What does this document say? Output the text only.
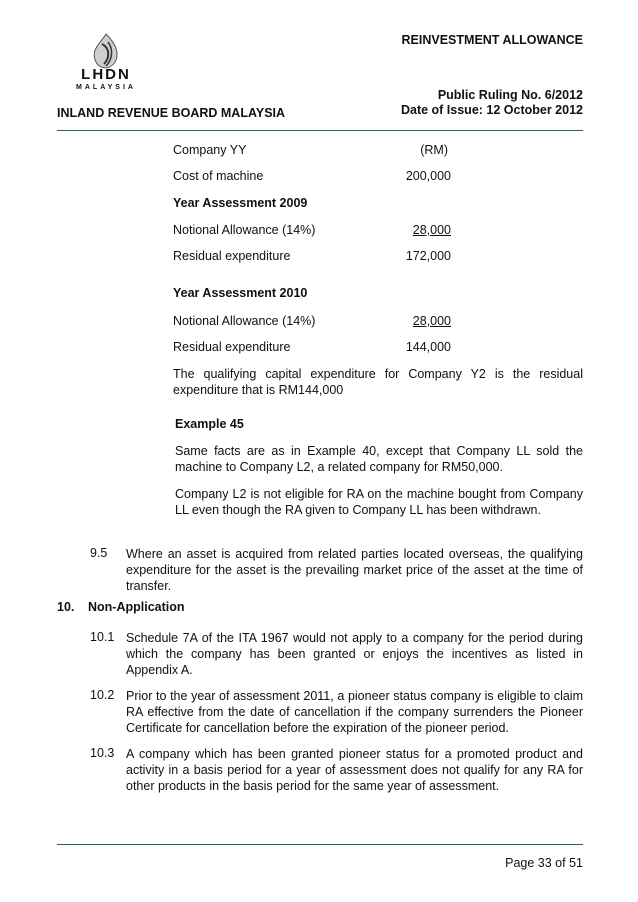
LHDN
MALAYSIA
REINVESTMENT ALLOWANCE
Public Ruling No. 6/2012
Date of Issue: 12 October 2012
INLAND REVENUE BOARD MALAYSIA
Company YY	(RM)
Cost of machine	200,000
Year Assessment 2009
Notional Allowance (14%)	28,000
Residual expenditure	172,000
Year Assessment 2010
Notional Allowance (14%)	28,000
Residual expenditure	144,000
The qualifying capital expenditure for Company Y2 is the residual expenditure that is RM144,000
Example 45
Same facts are as in Example 40, except that Company LL sold the machine to Company L2, a related company for RM50,000.
Company L2 is not eligible for RA on the machine bought from Company LL even though the RA given to Company LL has been withdrawn.
9.5 Where an asset is acquired from related parties located overseas, the qualifying expenditure for the asset is the prevailing market price of the asset at the time of transfer.
10. Non-Application
10.1 Schedule 7A of the ITA 1967 would not apply to a company for the period during which the company has been granted or enjoys the incentives as listed in Appendix A.
10.2 Prior to the year of assessment 2011, a pioneer status company is eligible to claim RA effective from the date of cancellation if the company surrenders the Pioneer Certificate for cancellation before the expiration of the pioneer period.
10.3 A company which has been granted pioneer status for a promoted product and activity in a basis period for a year of assessment does not qualify for any RA for other products in the basis period for the same year of assessment.
Page 33 of 51
